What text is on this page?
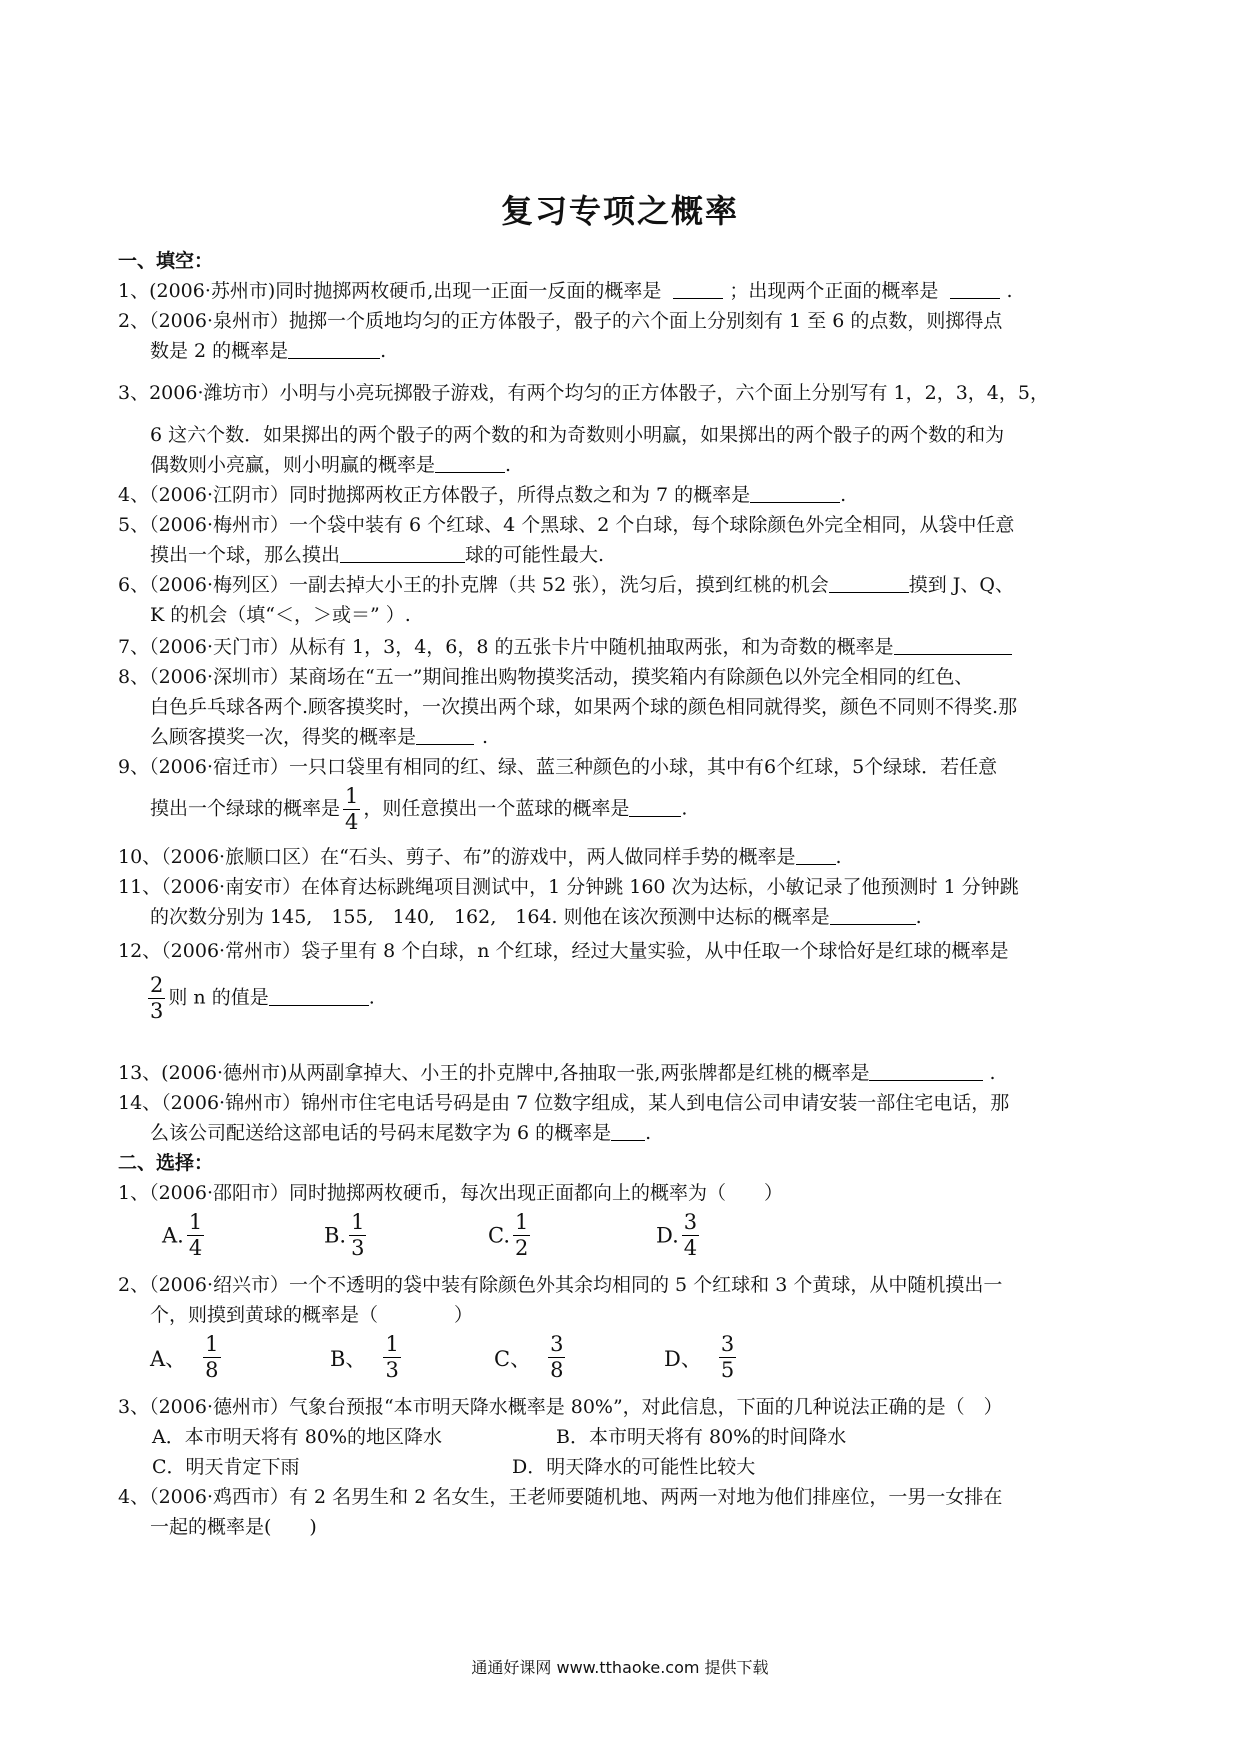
复习专项之概率
一、填空：
1、(2006·苏州市)同时抛掷两枚硬币,出现一正面一反面的概率是	；出现两个正面的概率是	.
2、（2006·泉州市）抛掷一个质地均匀的正方体骰子，骰子的六个面上分别刻有 1 至 6 的点数，则掷得点
数是 2 的概率是	.
3、2006·潍坊市）小明与小亮玩掷骰子游戏，有两个均匀的正方体骰子，六个面上分别写有 1，2，3，4，5，
6 这六个数．如果掷出的两个骰子的两个数的和为奇数则小明赢，如果掷出的两个骰子的两个数的和为
偶数则小亮赢，则小明赢的概率是	.
4、（2006·江阴市）同时抛掷两枚正方体骰子，所得点数之和为 7 的概率是	.
5、（2006·梅州市）一个袋中装有 6 个红球、4 个黑球、2 个白球，每个球除颜色外完全相同，从袋中任意
摸出一个球，那么摸出	球的可能性最大.
6、（2006·梅列区）一副去掉大小王的扑克牌（共 52 张），洗匀后，摸到红桃的机会	摸到 J、Q、
K 的机会（填“＜，＞或＝” ）.
7、（2006·天门市）从标有 1，3，4，6，8 的五张卡片中随机抽取两张，和为奇数的概率是
8、（2006·深圳市）某商场在“五一”期间推出购物摸奖活动，摸奖箱内有除颜色以外完全相同的红色、
白色乒乓球各两个.顾客摸奖时，一次摸出两个球，如果两个球的颜色相同就得奖，颜色不同则不得奖.那
么顾客摸奖一次，得奖的概率是	.
9、（2006·宿迁市）一只口袋里有相同的红、绿、蓝三种颜色的小球，其中有6个红球，5个绿球．若任意
摸出一个绿球的概率是 $\frac{1}{4}$ ，则任意摸出一个蓝球的概率是	.
10、（2006·旅顺口区）在“石头、剪子、布”的游戏中，两人做同样手势的概率是 .
11、（2006·南安市）在体育达标跳绳项目测试中，1 分钟跳 160 次为达标，小敏记录了他预测时 1 分钟跳
的次数分别为 145,　155,　140,　162,　164. 则他在该次预测中达标的概率是	.
12、（2006·常州市）袋子里有 8 个白球，n 个红球，经过大量实验，从中任取一个球恰好是红球的概率是
$\frac{2}{3}$ 则 n 的值是	.
13、(2006·德州市)从两副拿掉大、小王的扑克牌中,各抽取一张,两张牌都是红桃的概率是	.
14、（2006·锦州市）锦州市住宅电话号码是由 7 位数字组成，某人到电信公司申请安装一部住宅电话，那
么该公司配送给这部电话的号码末尾数字为 6 的概率是 .
二、选择：
1、（2006·邵阳市）同时抛掷两枚硬币，每次出现正面都向上的概率为（　　）
A. $\frac{1}{4}$	B. $\frac{1}{3}$	C. $\frac{1}{2}$	D. $\frac{3}{4}$
2、（2006·绍兴市）一个不透明的袋中装有除颜色外其余均相同的 5 个红球和 3 个黄球，从中随机摸出一
个，则摸到黄球的概率是（　　　　）
A、 $\frac{1}{8}$	B、 $\frac{1}{3}$	C、 $\frac{3}{8}$	D、 $\frac{3}{5}$
3、（2006·德州市）气象台预报“本市明天降水概率是 80%”，对此信息，下面的几种说法正确的是（　）
A．本市明天将有 80%的地区降水	B．本市明天将有 80%的时间降水
C．明天肯定下雨	D．明天降水的可能性比较大
4、（2006·鸡西市）有 2 名男生和 2 名女生，王老师要随机地、两两一对地为他们排座位，一男一女排在
一起的概率是(　　)
通通好课网 www.tthaoke.com 提供下载
